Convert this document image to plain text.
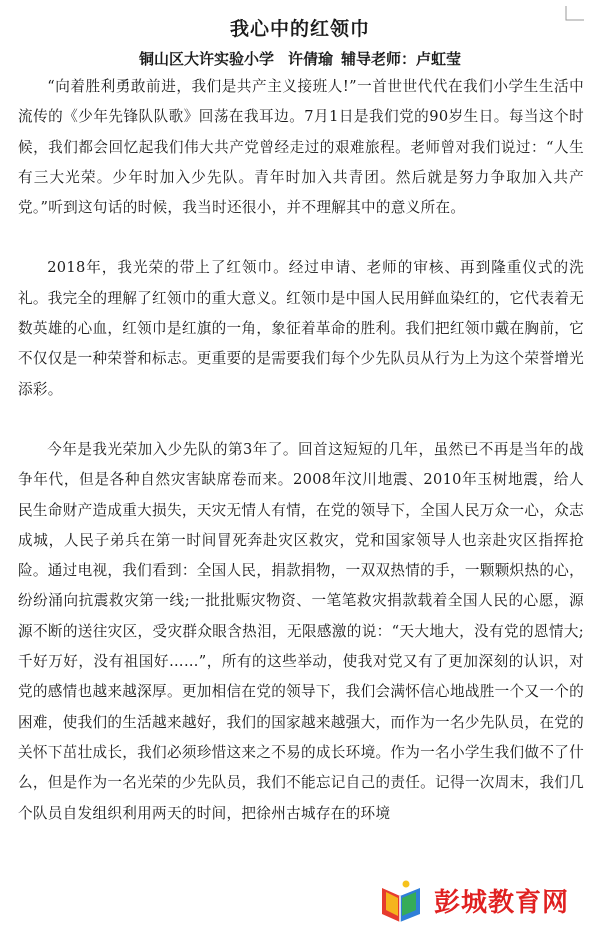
我心中的红领巾

铜山区大许实验小学 许倩瑜 辅导老师：卢虹莹

“向着胜利勇敢前进，我们是共产主义接班人!”一首世世代代在我们小学生生活中流传的《少年先锋队队歌》回荡在我耳边。7月1日是我们党的90岁生日。每当这个时候，我们都会回忆起我们伟大共产党曾经走过的艰难旅程。老师曾对我们说过：“人生有三大光荣。少年时加入少先队。青年时加入共青团。然后就是努力争取加入共产党。”听到这句话的时候，我当时还很小，并不理解其中的意义所在。

2018年，我光荣的带上了红领巾。经过申请、老师的审核、再到隆重仪式的洗礼。我完全的理解了红领巾的重大意义。红领巾是中国人民用鲜血染红的，它代表着无数英雄的心血，红领巾是红旗的一角，象征着革命的胜利。我们把红领巾戴在胸前，它不仅仅是一种荣誉和标志。更重要的是需要我们每个少先队员从行为上为这个荣誉增光添彩。

今年是我光荣加入少先队的第3年了。回首这短短的几年，虽然已不再是当年的战争年代，但是各种自然灾害缺席卷而来。2008年汶川地震、2010年玉树地震，给人民生命财产造成重大损失，天灾无情人有情，在党的领导下，全国人民万众一心，众志成城，人民子弟兵在第一时间冒死奔赴灾区救灾，党和国家领导人也亲赴灾区指挥抢险。通过电视，我们看到：全国人民，捐款捐物，一双双热情的手，一颗颗炽热的心，纷纷涌向抗震救灾第一线;一批批赈灾物资、一笔笔救灾捐款载着全国人民的心愿，源源不断的送往灾区，受灾群众眼含热泪，无限感激的说：“天大地大，没有党的恩情大;千好万好，没有祖国好……”，所有的这些举动，使我对党又有了更加深刻的认识，对党的感情也越来越深厚。更加相信在党的领导下，我们会满怀信心地战胜一个又一个的困难，使我们的生活越来越好，我们的国家越来越强大，而作为一名少先队员，在党的关怀下茁壮成长，我们必须珍惜这来之不易的成长环境。作为一名小学生我们做不了什么，但是作为一名光荣的少先队员，我们不能忘记自己的责任。记得一次周末，我们几个队员自发组织利用两天的时间，把徐州古城存在的环境

彭城教育网
